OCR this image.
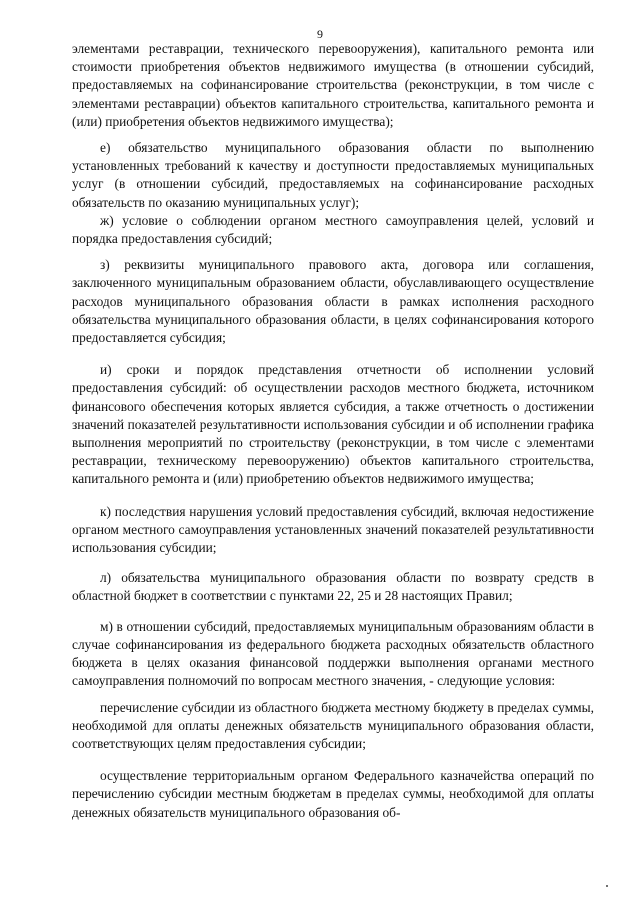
9

элементами реставрации, технического перевооружения), капитального ремонта или стоимости приобретения объектов недвижимого имущества (в отношении субсидий, предоставляемых на софинансирование строительства (реконструкции, в том числе с элементами реставрации) объектов капитального строительства, капитального ремонта и (или) приобретения объектов недвижимого имущества);

е) обязательство муниципального образования области по выполнению установленных требований к качеству и доступности предоставляемых муниципальных услуг (в отношении субсидий, предоставляемых на софинансирование расходных обязательств по оказанию муниципальных услуг);

ж) условие о соблюдении органом местного самоуправления целей, условий и порядка предоставления субсидий;

з) реквизиты муниципального правового акта, договора или соглашения, заключенного муниципальным образованием области, обуславливающего осуществление расходов муниципального образования области в рамках исполнения расходного обязательства муниципального образования области, в целях софинансирования которого предоставляется субсидия;

и) сроки и порядок представления отчетности об исполнении условий предоставления субсидий: об осуществлении расходов местного бюджета, источником финансового обеспечения которых является субсидия, а также отчетность о достижении значений показателей результативности использования субсидии и об исполнении графика выполнения мероприятий по строительству (реконструкции, в том числе с элементами реставрации, техническому перевооружению) объектов капитального строительства, капитального ремонта и (или) приобретению объектов недвижимого имущества;

к) последствия нарушения условий предоставления субсидий, включая недостижение органом местного самоуправления установленных значений показателей результативности использования субсидии;

л) обязательства муниципального образования области по возврату средств в областной бюджет в соответствии с пунктами 22, 25 и 28 настоящих Правил;

м) в отношении субсидий, предоставляемых муниципальным образованиям области в случае софинансирования из федерального бюджета расходных обязательств областного бюджета в целях оказания финансовой поддержки выполнения органами местного самоуправления полномочий по вопросам местного значения, - следующие условия:

перечисление субсидии из областного бюджета местному бюджету в пределах суммы, необходимой для оплаты денежных обязательств муниципального образования области, соответствующих целям предоставления субсидии;

осуществление территориальным органом Федерального казначейства операций по перечислению субсидии местным бюджетам в пределах суммы, необходимой для оплаты денежных обязательств муниципального образования об-
